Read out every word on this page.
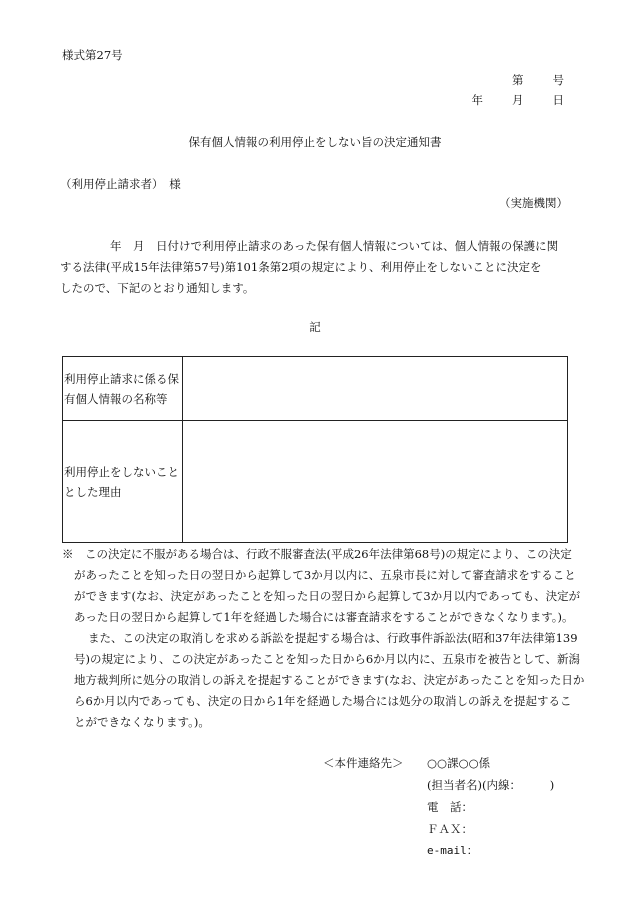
様式第27号
第　　号
年　　月　　日
保有個人情報の利用停止をしない旨の決定通知書
（利用停止請求者）　様
（実施機関）
年　月　日付けで利用停止請求のあった保有個人情報については、個人情報の保護に関
する法律(平成15年法律第57号)第101条第2項の規定により、利用停止をしないことに決定を
したので、下記のとおり通知します。
記
利用停止請求に係る保
有個人情報の名称等	

利用停止をしないこと
とした理由	

※　この決定に不服がある場合は、行政不服審査法(平成26年法律第68号)の規定により、この決定
があったことを知った日の翌日から起算して3か月以内に、五泉市長に対して審査請求をすること
ができます(なお、決定があったことを知った日の翌日から起算して3か月以内であっても、決定が
あった日の翌日から起算して1年を経過した場合には審査請求をすることができなくなります。)。
また、この決定の取消しを求める訴訟を提起する場合は、行政事件訴訟法(昭和37年法律第139
号)の規定により、この決定があったことを知った日から6か月以内に、五泉市を被告として、新潟
地方裁判所に処分の取消しの訴えを提起することができます(なお、決定があったことを知った日か
ら6か月以内であっても、決定の日から1年を経過した場合には処分の取消しの訴えを提起するこ
とができなくなります。)。
＜本件連絡先＞ ○○課○○係
(担当者名)(内線：　　　)
電　話：
ＦＡＸ：
e-mail：
